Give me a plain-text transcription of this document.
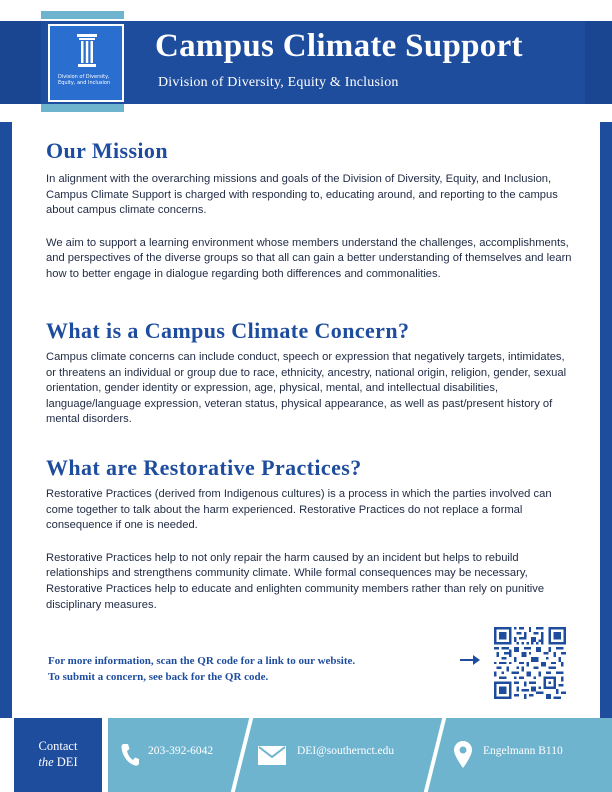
Division of Diversity,
Equity, and Inclusion
Campus Climate Support
Division of Diversity, Equity & Inclusion
Our Mission

In alignment with the overarching missions and goals of the Division of Diversity, Equity, and Inclusion, Campus Climate Support is charged with responding to, educating around, and reporting to the campus about campus climate concerns.

We aim to support a learning environment whose members understand the challenges, accomplishments, and perspectives of the diverse groups so that all can gain a better understanding of themselves and learn how to better engage in dialogue regarding both differences and commonalities.

What is a Campus Climate Concern?

Campus climate concerns can include conduct, speech or expression that negatively targets, intimidates, or threatens an individual or group due to race, ethnicity, ancestry, national origin, religion, gender, sexual orientation, gender identity or expression, age, physical, mental, and intellectual disabilities, language/language expression, veteran status, physical appearance, as well as past/present history of mental disorders.

What are Restorative Practices?

Restorative Practices (derived from Indigenous cultures) is a process in which the parties involved can come together to talk about the harm experienced. Restorative Practices do not replace a formal consequence if one is needed.

Restorative Practices help to not only repair the harm caused by an incident but helps to rebuild relationships and strengthens community climate. While formal consequences may be necessary, Restorative Practices help to educate and enlighten community members rather than rely on punitive disciplinary measures.

For more information, scan the QR code for a link to our website.
To submit a concern, see back for the QR code.
Contact
the DEI
203-392-6042	DEI@southernct.edu	Engelmann B110
